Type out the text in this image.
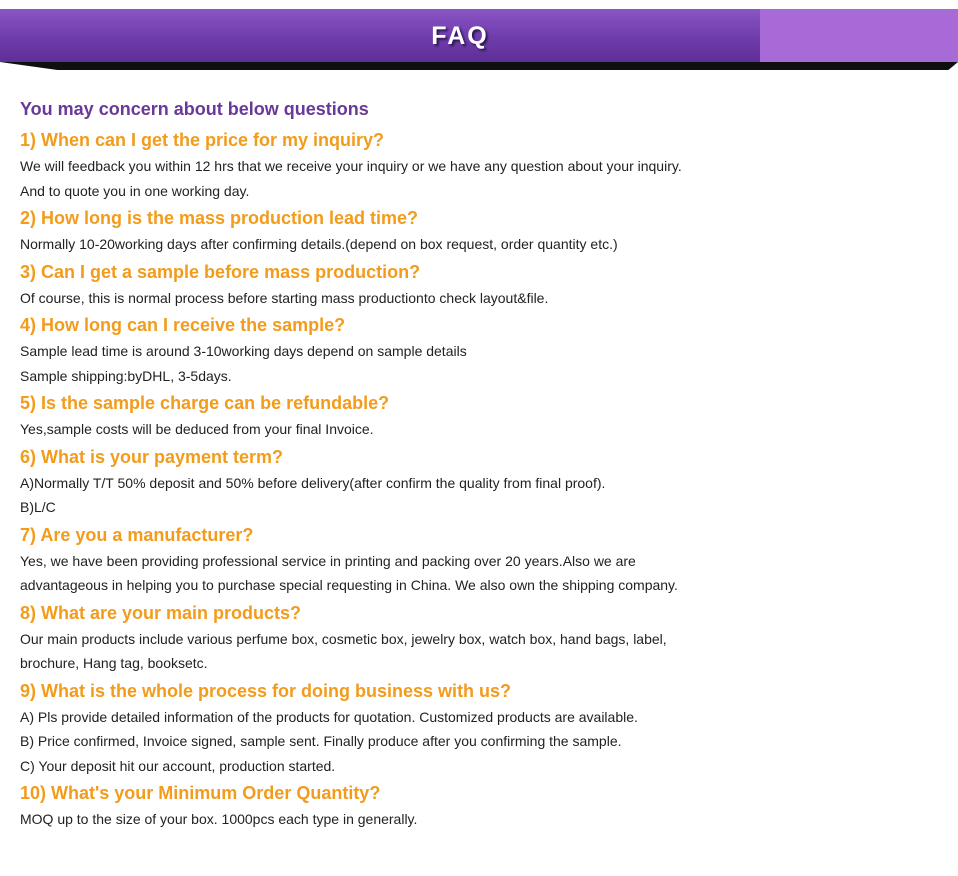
FAQ
You may concern about below questions
1) When can I get the price for my inquiry?
We will feedback you within 12 hrs that we receive your inquiry or we have any question about your inquiry.
And to quote you in one working day.
2) How long is the mass production lead time?
Normally 10-20working days after confirming details.(depend on box request, order quantity etc.)
3) Can I get a sample before mass production?
Of course, this is normal process before starting mass productionto check layout&file.
4) How long can I receive the sample?
Sample lead time is around 3-10working days depend on sample details
Sample shipping:byDHL, 3-5days.
5) Is the sample charge can be refundable?
Yes,sample costs will be deduced from your final Invoice.
6) What is your payment term?
A)Normally T/T 50% deposit and 50% before delivery(after confirm the quality from final proof).
B)L/C
7) Are you a manufacturer?
Yes, we have been providing professional service in printing and packing over 20 years.Also we are
advantageous in helping you to purchase special requesting in China. We also own the shipping company.
8) What are your main products?
Our main products include various perfume box, cosmetic box, jewelry box, watch box, hand bags, label,
brochure, Hang tag, booksetc.
9) What is the whole process for doing business with us?
A) Pls provide detailed information of the products for quotation. Customized products are available.
B) Price confirmed, Invoice signed, sample sent. Finally produce after you confirming the sample.
C) Your deposit hit our account, production started.
10) What's your Minimum Order Quantity?
MOQ up to the size of your box. 1000pcs each type in generally.
